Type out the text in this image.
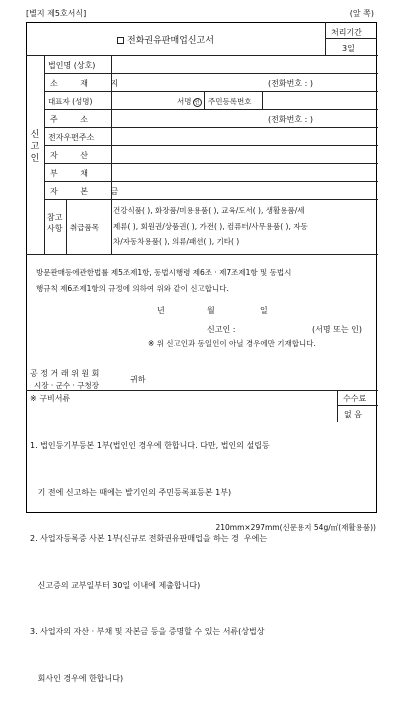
[별지 제5호서식]	(앞 쪽)
전화권유판매업신고서
처리기간
3일
신고인
법인명 (상호)
소 재 지	(전화번호 : )
대표자 (성명)	서명 인 주민등록번호
주 소	(전화번호 : )
전자우편주소
자 산
부 채
자 본 금
참고사항 취급품목
건강식품( ), 화장품/미용용품( ), 교육/도서( ), 생활용품/세
제류( ), 회원권/상품권( ), 가전( ), 컴퓨터/사무용품( ), 자동
차/자동차용품( ), 의류/패션( ), 기타( )
방문판매등에관한법률 제5조제1항, 동법시행령 제6조 · 제7조제1항 및 동법시
행규칙 제6조제1항의 규정에 의하여 위와 같이 신고합니다.
년	월	일
신고인 :	(서명 또는 인)
※ 위 신고인과 동일인이 아닐 경우에만 기재합니다.
공 정 거 래 위 원 회
시장 · 군수 · 구청장
귀하
※ 구비서류	수수료
없 음

1. 법인등기부등본 1부(법인인 경우에 한합니다. 다만, 법인의 설립등

기 전에 신고하는 때에는 발기인의 주민등록표등본 1부)

2. 사업자등록증 사본 1부(신규로 전화권유판매업을 하는 경  우에는

신고증의 교부일부터 30일 이내에 제출합니다)

3. 사업자의 자산 · 부채 및 자본금 등을 증명할 수 있는 서류(상법상

회사인 경우에 한합니다)

210mm×297mm(신문용지 54g/㎡(재활용품))
